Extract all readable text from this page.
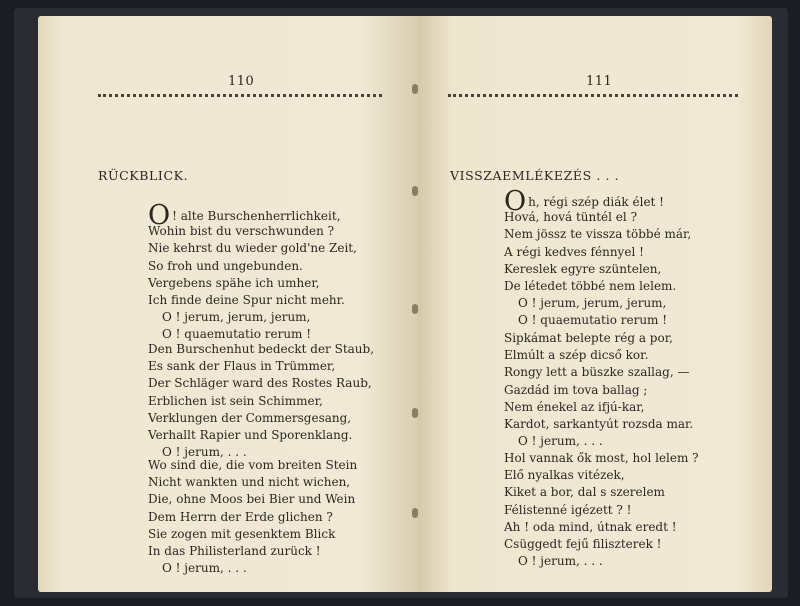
110
RÜCKBLICK.
O ! alte Burschenherrlichkeit,
Wohin bist du verschwunden ?
Nie kehrst du wieder gold'ne Zeit,
So froh und ungebunden.
Vergebens spähe ich umher,
Ich finde deine Spur nicht mehr.
O ! jerum, jerum, jerum,
O ! quaemutatio rerum !
Den Burschenhut bedeckt der Staub,
Es sank der Flaus in Trümmer,
Der Schläger ward des Rostes Raub,
Erblichen ist sein Schimmer,
Verklungen der Commersgesang,
Verhallt Rapier und Sporenklang.
O ! jerum, . . .
Wo sind die, die vom breiten Stein
Nicht wankten und nicht wichen,
Die, ohne Moos bei Bier und Wein
Dem Herrn der Erde glichen ?
Sie zogen mit gesenktem Blick
In das Philisterland zurück !
O ! jerum, . . .
111
VISSZAEMLÉKEZÉS . . .
Oh, régi szép diák élet !
Hová, hová tüntél el ?
Nem jössz te vissza többé már,
A régi kedves fénnyel !
Kereslek egyre szüntelen,
De létedet többé nem lelem.
O ! jerum, jerum, jerum,
O ! quaemutatio rerum !
Sipkámat belepte rég a por,
Elmúlt a szép dicső kor.
Rongy lett a büszke szallag, —
Gazdád im tova ballag ;
Nem énekel az ifjú-kar,
Kardot, sarkantyút rozsda mar.
O ! jerum, . . .
Hol vannak ők most, hol lelem ?
Elő nyalkas vitézek,
Kiket a bor, dal s szerelem
Félistenné igézett ? !
Ah ! oda mind, útnak eredt !
Csüggedt fejű filiszterek !
O ! jerum, . . .
